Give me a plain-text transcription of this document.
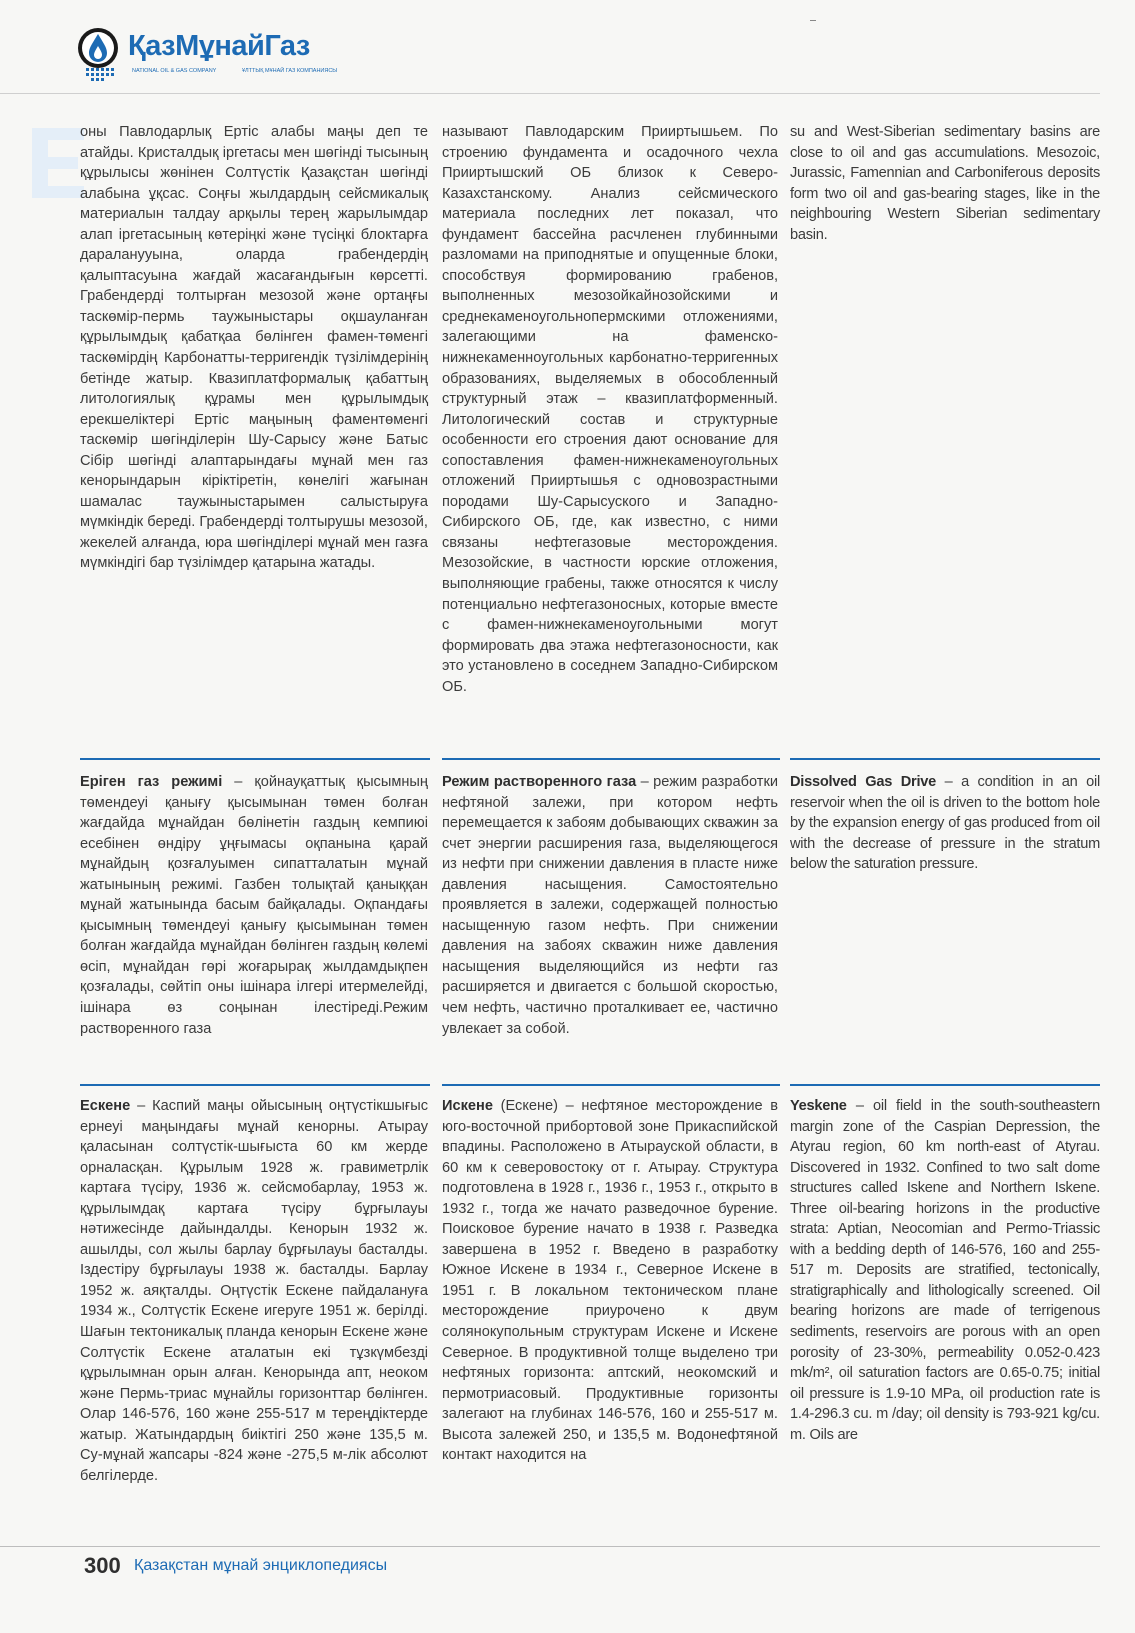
ҚазМұнайГаз
NATIONAL OIL & GAS COMPANY	ҰЛТТЫҚ МҰНАЙ ГАЗ КОМПАНИЯСЫ
оны Павлодарлық Ертіс алабы маңы деп те атайды. Кристалдық іргетасы мен шөгінді тысының құрылысы жөнінен Солтүстік Қазақстан шөгінді алабына ұқсас. Соңғы жылдардың сейсмикалық материалын талдау арқылы терең жарылымдар алап іргетасының көтеріңкі және түсіңкі блоктарға дараланууына, оларда грабендердің қалыптасуына жағдай жасағандығын көрсетті. Грабендерді толтырған мезозой және ортаңғы таскөмір-пермь таужыныстары оқшауланған құрылымдық қабатқаа бөлінген фамен-төменгі таскөмірдің Карбонатты-терригендік түзілімдерінің бетінде жатыр. Квазиплатформалық қабаттың литологиялық құрамы мен құрылымдық ерекшеліктері Ертіс маңының фаментөменгі таскөмір шөгінділерін Шу-Сарысу және Батыс Сібір шөгінді алаптарындағы мұнай мен газ кенорындарын кіріктіретін, көнелігі жағынан шамалас таужыныстарымен салыстыруға мүмкіндік береді. Грабендерді толтырушы мезозой, жекелей алғанда, юра шөгінділері мұнай мен газға мүмкіндігі бар түзілімдер қатарына жатады.
называют Павлодарским Прииртышьем. По строению фундамента и осадочного чехла Прииртышский ОБ близок к Северо-Казахстанскому. Анализ сейсмического материала последних лет показал, что фундамент бассейна расчленен глубинными разломами на приподнятые и опущенные блоки, способствуя формированию грабенов, выполненных мезозойкайнозойскими и среднекаменоугольнопермскими отложениями, залегающими на фаменско-нижнекаменноугольных карбонатно-терригенных образованиях, выделяемых в обособленный структурный этаж – квазиплатформенный. Литологический состав и структурные особенности его строения дают основание для сопоставления фамен-нижнекаменоугольных отложений Прииртышья с одновозрастными породами Шу-Сарысуского и Западно-Сибирского ОБ, где, как известно, с ними связаны нефтегазовые месторождения. Мезозойские, в частности юрские отложения, выполняющие грабены, также относятся к числу потенциально нефтегазоносных, которые вместе с фамен-нижнекаменоугольными могут формировать два этажа нефтегазоносности, как это установлено в соседнем Западно-Сибирском ОБ.
su and West-Siberian sedimentary basins are close to oil and gas accumulations. Mesozoic, Jurassic, Famennian and Carboniferous deposits form two oil and gas-bearing stages, like in the neighbouring Western Siberian sedimentary basin.
Еріген газ режимі – қойнауқаттық қысымның төмендеуі қанығу қысымынан төмен болған жағдайда мұнайдан бөлінетін газдың кемпиюі есебінен өндіру ұңғымасы оқпанына қарай мұнайдың қозғалуымен сипатталатын мұнай жатынының режимі. Газбен толықтай қаныққан мұнай жатынында басым байқалады. Оқпандағы қысымның төмендеуі қанығу қысымынан төмен болған жағдайда мұнайдан бөлінген газдың көлемі өсіп, мұнайдан гөрі жоғарырақ жылдамдықпен қозғалады, сөйтіп оны ішінара ілгері итермелейді, ішінара өз соңынан ілестіреді.Режим растворенного газа
Режим растворенного газа – режим разработки нефтяной залежи, при котором нефть перемещается к забоям добывающих скважин за счет энергии расширения газа, выделяющегося из нефти при снижении давления в пласте ниже давления насыщения. Самостоятельно проявляется в залежи, содержащей полностью насыщенную газом нефть. При снижении давления на забоях скважин ниже давления насыщения выделяющийся из нефти газ расширяется и двигается с большой скоростью, чем нефть, частично проталкивает ее, частично увлекает за собой.
Dissolved Gas Drive – a condition in an oil reservoir when the oil is driven to the bottom hole by the expansion energy of gas produced from oil with the decrease of pressure in the stratum below the saturation pressure.
Ескене – Каспий маңы ойысының оңтүстікшығыс ернеуі маңындағы мұнай кенорны. Атырау қаласынан солтүстік-шығыста 60 км жерде орналасқан. Құрылым 1928 ж. гравиметрлік картаға түсіру, 1936 ж. сейсмобарлау, 1953 ж. құрылымдақ картаға түсіру бұрғылауы нәтижесінде дайындалды. Кенорын 1932 ж. ашылды, сол жылы барлау бұрғылауы басталды. Іздестіру бұрғылауы 1938 ж. басталды. Барлау 1952 ж. аяқталды. Оңтүстік Ескене пайдалануға 1934 ж., Солтүстік Ескене игеруге 1951 ж. берілді. Шағын тектоникалық планда кенорын Ескене және Солтүстік Ескене аталатын екі тұзкүмбезді құрылымнан орын алған. Кенорында апт, неоком және Пермь-триас мұнайлы горизонттар бөлінген. Олар 146-576, 160 және 255-517 м тереңдіктерде жатыр. Жатындардың биіктігі 250 және 135,5 м. Су-мұнай жапсары -824 және -275,5 м-лік абсолют белгілерде.
Искене (Ескене) – нефтяное месторождение в юго-восточной прибортовой зоне Прикаспийской впадины. Расположено в Атырауской области, в 60 км к северовостоку от г. Атырау. Структура подготовлена в 1928 г., 1936 г., 1953 г., открыто в 1932 г., тогда же начато разведочное бурение. Поисковое бурение начато в 1938 г. Разведка завершена в 1952 г. Введено в разработку Южное Искене в 1934 г., Северное Искене в 1951 г. В локальном тектоническом плане месторождение приурочено к двум солянокупольным структурам Искене и Искене Северное. В продуктивной толще выделено три нефтяных горизонта: аптский, неокомский и пермотриасовый. Продуктивные горизонты залегают на глубинах 146-576, 160 и 255-517 м. Высота залежей 250, и 135,5 м. Водонефтяной контакт находится на
Yeskene – oil field in the south-southeastern margin zone of the Caspian Depression, the Atyrau region, 60 km north-east of Atyrau. Discovered in 1932. Confined to two salt dome structures called Iskene and Northern Iskene. Three oil-bearing horizons in the productive strata: Aptian, Neocomian and Permo-Triassic with a bedding depth of 146-576, 160 and 255-517 m. Deposits are stratified, tectonically, stratigraphically and lithologically screened. Oil bearing horizons are made of terrigenous sediments, reservoirs are porous with an open porosity of 23-30%, permeability 0.052-0.423 mk/m², oil saturation factors are 0.65-0.75; initial oil pressure is 1.9-10 MPa, oil production rate is 1.4-296.3 cu. m /day; oil density is 793-921 kg/cu. m. Oils are
300 Қазақстан мұнай энциклопедиясы
